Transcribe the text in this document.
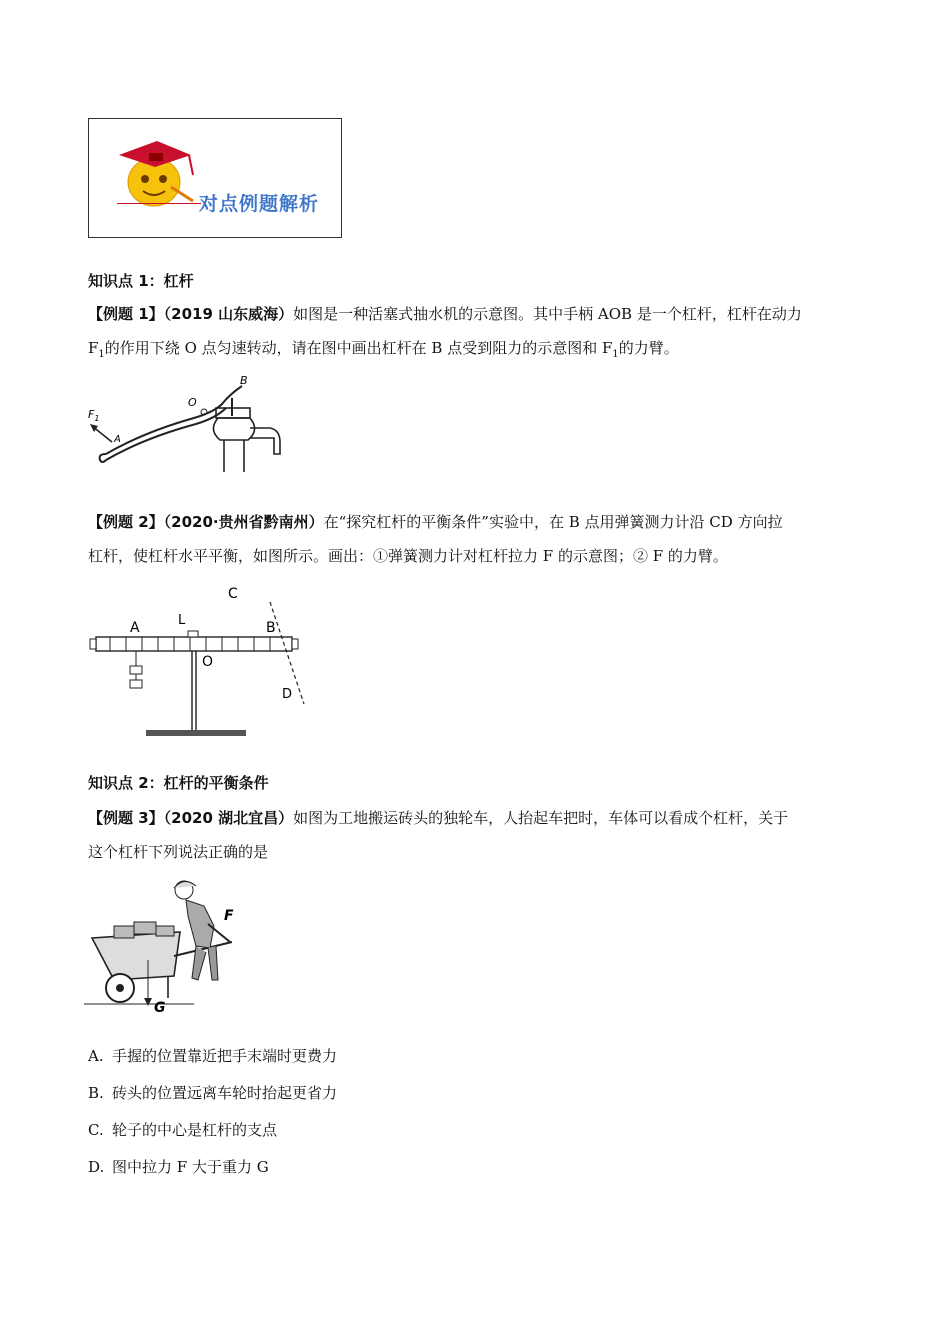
对点例题解析
知识点 1：杠杆
【例题 1】（2019 山东威海）如图是一种活塞式抽水机的示意图。其中手柄 AOB 是一个杠杆，杠杆在动力
$F_1$的作用下绕 O 点匀速转动，请在图中画出杠杆在 B 点受到阻力的示意图和 $F_1$的力臂。
$F_1$
A
O
B
【例题 2】（2020·贵州省黔南州）在“探究杠杆的平衡条件”实验中，在 B 点用弹簧测力计沿 CD 方向拉
杠杆，使杠杆水平平衡，如图所示。画出：①弹簧测力计对杠杆拉力 F 的示意图；② F 的力臂。
A	L	B
O
C
D
知识点 2：杠杆的平衡条件
【例题 3】（2020 湖北宜昌）如图为工地搬运砖头的独轮车，人抬起车把时，车体可以看成个杠杆，关于
这个杠杆下列说法正确的是
G
F
A. 手握的位置靠近把手末端时更费力
B. 砖头的位置远离车轮时抬起更省力
C. 轮子的中心是杠杆的支点
D. 图中拉力 F 大于重力 G
